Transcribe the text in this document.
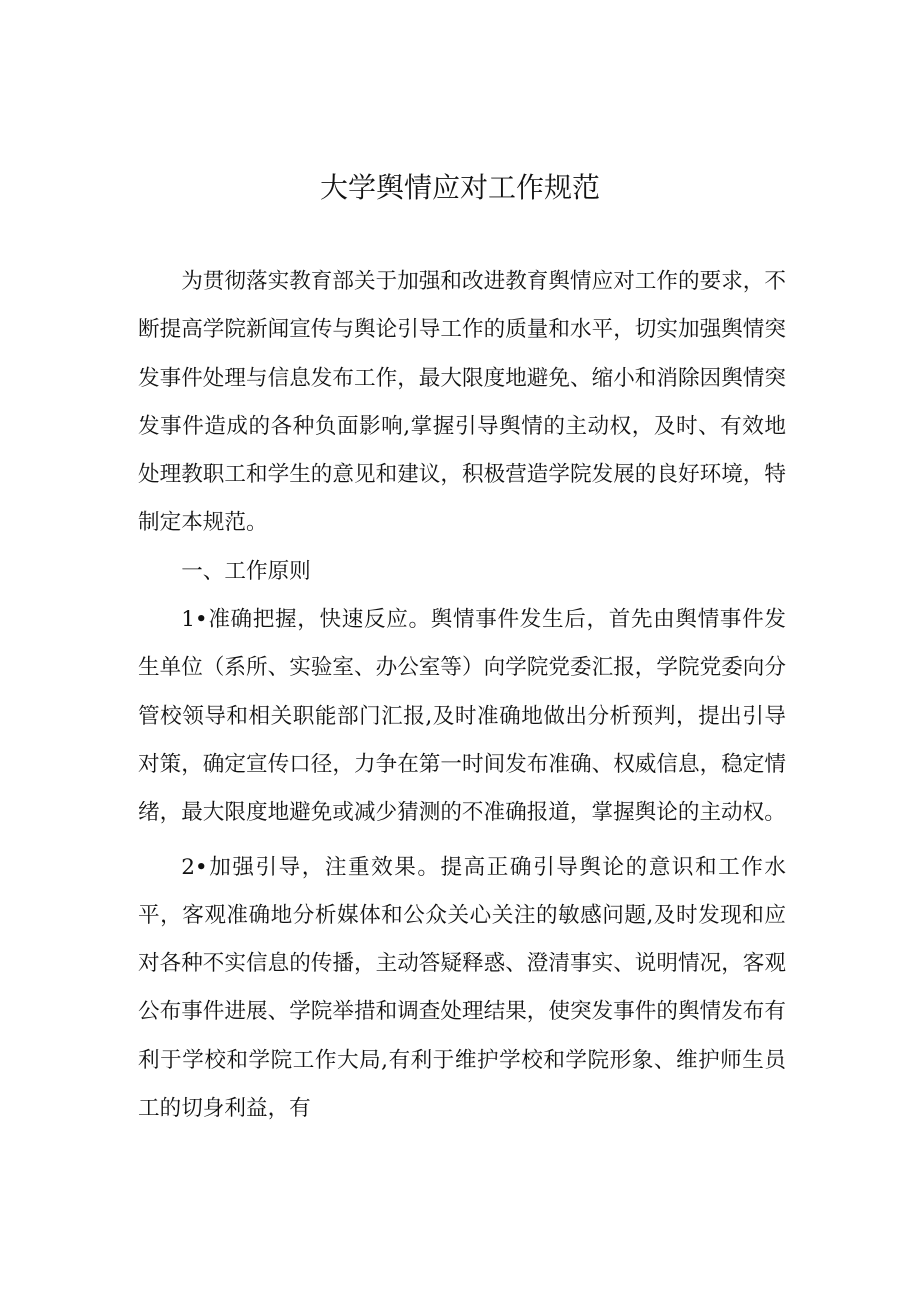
大学舆情应对工作规范

为贯彻落实教育部关于加强和改进教育舆情应对工作的要求，不断提高学院新闻宣传与舆论引导工作的质量和水平，切实加强舆情突发事件处理与信息发布工作，最大限度地避免、缩小和消除因舆情突发事件造成的各种负面影响,掌握引导舆情的主动权，及时、有效地处理教职工和学生的意见和建议，积极营造学院发展的良好环境，特制定本规范。

一、工作原则

1•准确把握，快速反应。舆情事件发生后，首先由舆情事件发生单位（系所、实验室、办公室等）向学院党委汇报，学院党委向分管校领导和相关职能部门汇报,及时准确地做出分析预判，提出引导对策，确定宣传口径，力争在第一时间发布准确、权威信息，稳定情绪，最大限度地避免或减少猜测的不准确报道，掌握舆论的主动权。

2•加强引导，注重效果。提高正确引导舆论的意识和工作水平，客观准确地分析媒体和公众关心关注的敏感问题,及时发现和应对各种不实信息的传播，主动答疑释惑、澄清事实、说明情况，客观公布事件进展、学院举措和调查处理结果，使突发事件的舆情发布有利于学校和学院工作大局,有利于维护学校和学院形象、维护师生员工的切身利益，有
